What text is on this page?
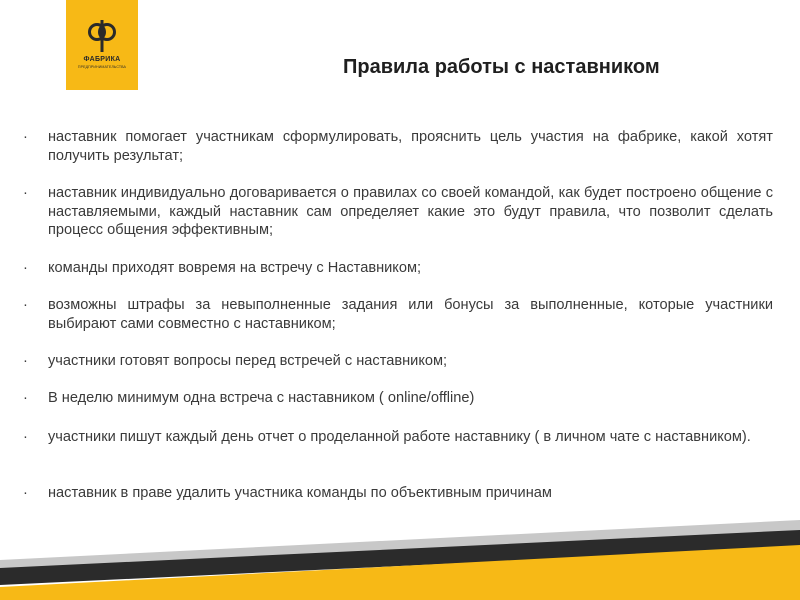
ФАБРИКА
ПРЕДПРИНИМАТЕЛЬСТВА	Правила работы с наставником
·	наставник помогает участникам сформулировать, прояснить цель участия на фабрике, какой хотят получить результат;
·	наставник индивидуально договаривается о правилах со своей командой, как будет построено общение с наставляемыми, каждый наставник сам определяет какие это будут правила, что позволит сделать процесс общения эффективным;
·	команды приходят вовремя на встречу с Наставником;
·	возможны штрафы за невыполненные задания или бонусы за выполненные, которые участники выбирают сами совместно с наставником;
·	участники готовят вопросы перед встречей с наставником;
·	В неделю минимум одна встреча с наставником ( online/offline)
·	участники пишут каждый день отчет о проделанной работе наставнику ( в личном чате с наставником).
·	наставник в праве удалить участника команды по объективным причинам
